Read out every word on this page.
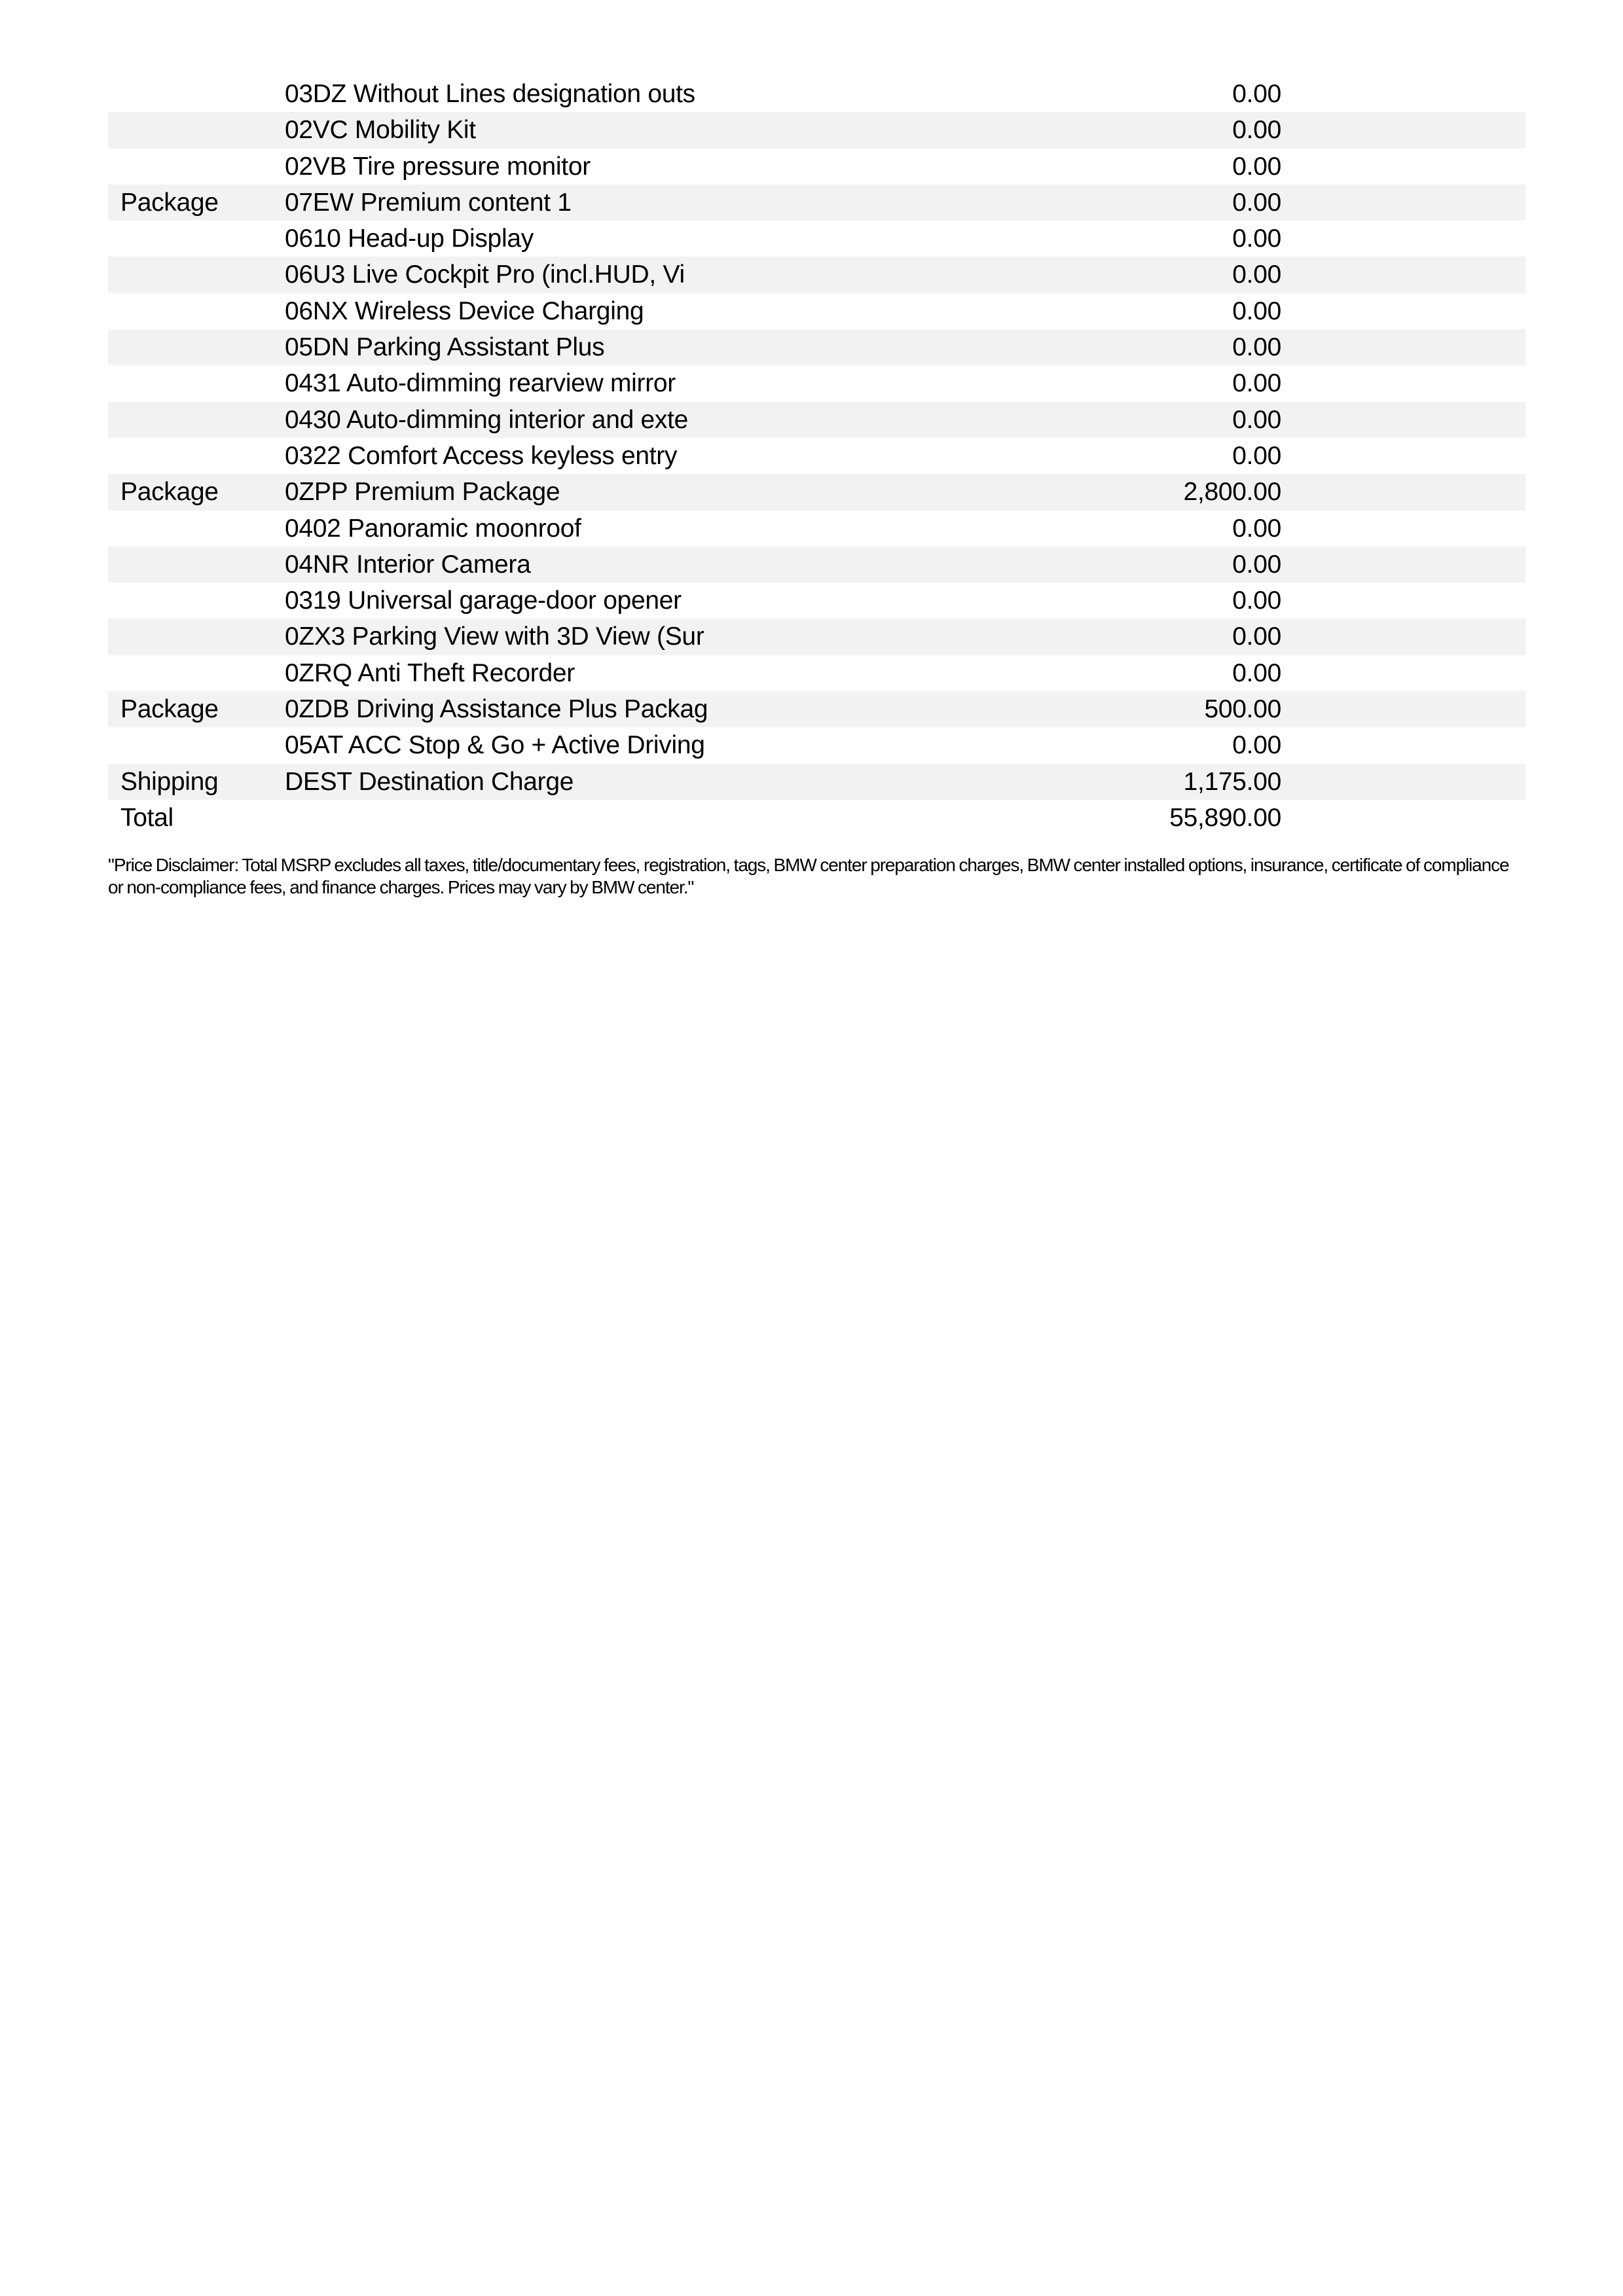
03DZ Without Lines designation outs	0.00
02VC Mobility Kit	0.00
02VB Tire pressure monitor	0.00
Package	07EW Premium content 1	0.00
0610 Head-up Display	0.00
06U3 Live Cockpit Pro (incl.HUD, Vi	0.00
06NX Wireless Device Charging	0.00
05DN Parking Assistant Plus	0.00
0431 Auto-dimming rearview mirror	0.00
0430 Auto-dimming interior and exte	0.00
0322 Comfort Access keyless entry	0.00
Package	0ZPP Premium Package	2,800.00
0402 Panoramic moonroof	0.00
04NR Interior Camera	0.00
0319 Universal garage-door opener	0.00
0ZX3 Parking View with 3D View (Sur	0.00
0ZRQ Anti Theft Recorder	0.00
Package	0ZDB Driving Assistance Plus Packag	500.00
05AT ACC Stop & Go + Active Driving	0.00
Shipping	DEST Destination Charge	1,175.00
Total	55,890.00
"Price Disclaimer: Total MSRP excludes all taxes, title/documentary fees, registration, tags, BMW center preparation charges, BMW center installed options, insurance, certificate of compliance or non-compliance fees, and finance charges. Prices may vary by BMW center."
